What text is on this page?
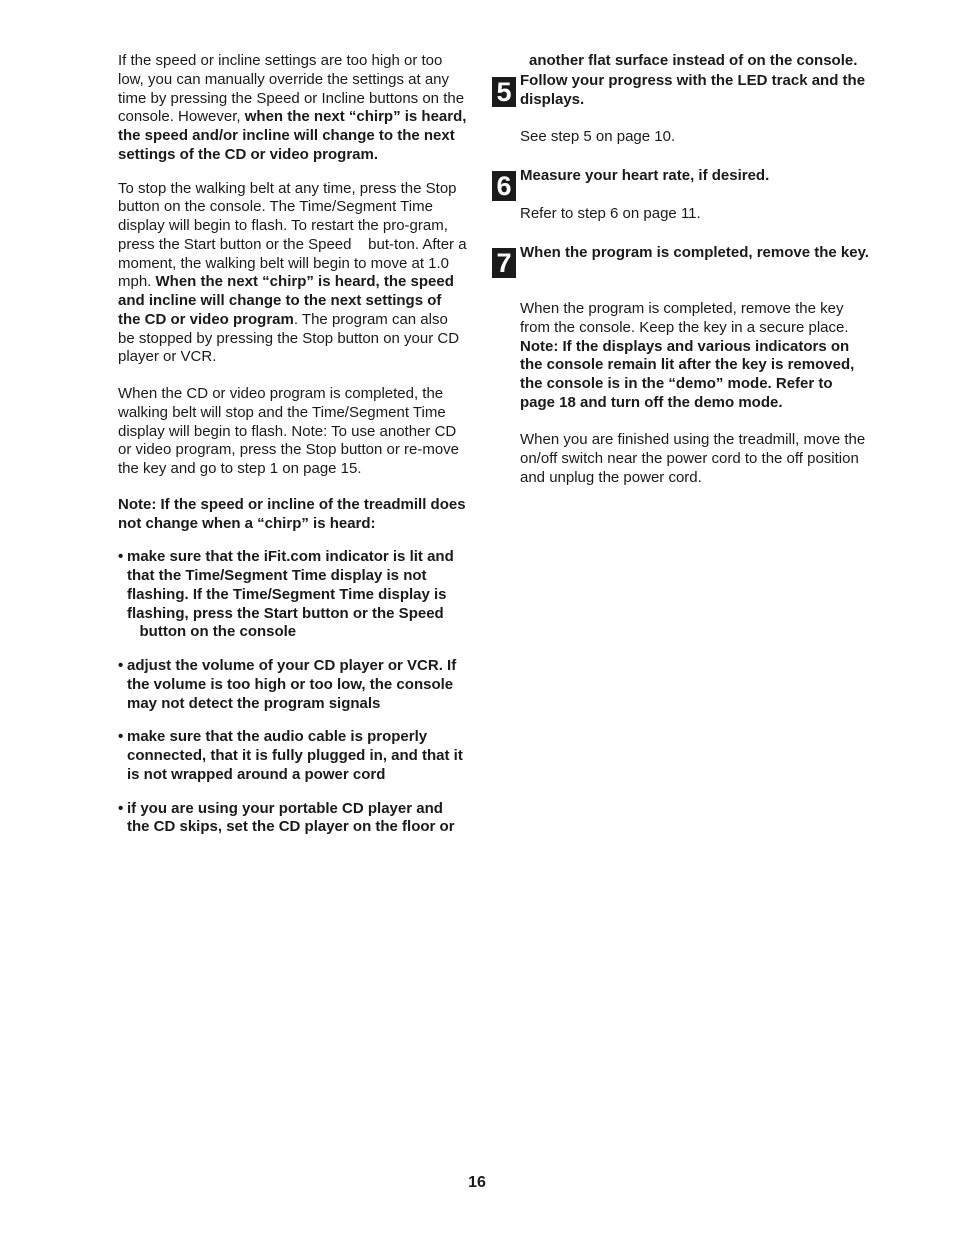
If the speed or incline settings are too high or too low, you can manually override the settings at any time by pressing the Speed or Incline buttons on the console. However, when the next “chirp” is heard, the speed and/or incline will change to the next settings of the CD or video program.

To stop the walking belt at any time, press the Stop button on the console. The Time/Segment Time display will begin to flash. To restart the pro-gram, press the Start button or the Speed    but-ton. After a moment, the walking belt will begin to move at 1.0 mph. When the next “chirp” is heard, the speed and incline will change to the next settings of the CD or video program. The program can also be stopped by pressing the Stop button on your CD player or VCR.

When the CD or video program is completed, the walking belt will stop and the Time/Segment Time display will begin to flash. Note: To use another CD or video program, press the Stop button or re-move the key and go to step 1 on page 15.

Note: If the speed or incline of the treadmill does not change when a “chirp” is heard:

• make sure that the iFit.com indicator is lit and that the Time/Segment Time display is not flashing. If the Time/Segment Time display is flashing, press the Start button or the Speed    button on the console
• adjust the volume of your CD player or VCR. If the volume is too high or too low, the console may not detect the program signals
• make sure that the audio cable is properly connected, that it is fully plugged in, and that it is not wrapped around a power cord
• if you are using your portable CD player and the CD skips, set the CD player on the floor or

another flat surface instead of on the console.

5 Follow your progress with the LED track and the displays.

See step 5 on page 10.

6 Measure your heart rate, if desired.

Refer to step 6 on page 11.

7 When the program is completed, remove the key.

When the program is completed, remove the key from the console. Keep the key in a secure place. Note: If the displays and various indicators on the console remain lit after the key is removed, the console is in the “demo” mode. Refer to page 18 and turn off the demo mode.

When you are finished using the treadmill, move the on/off switch near the power cord to the off position and unplug the power cord.

16
